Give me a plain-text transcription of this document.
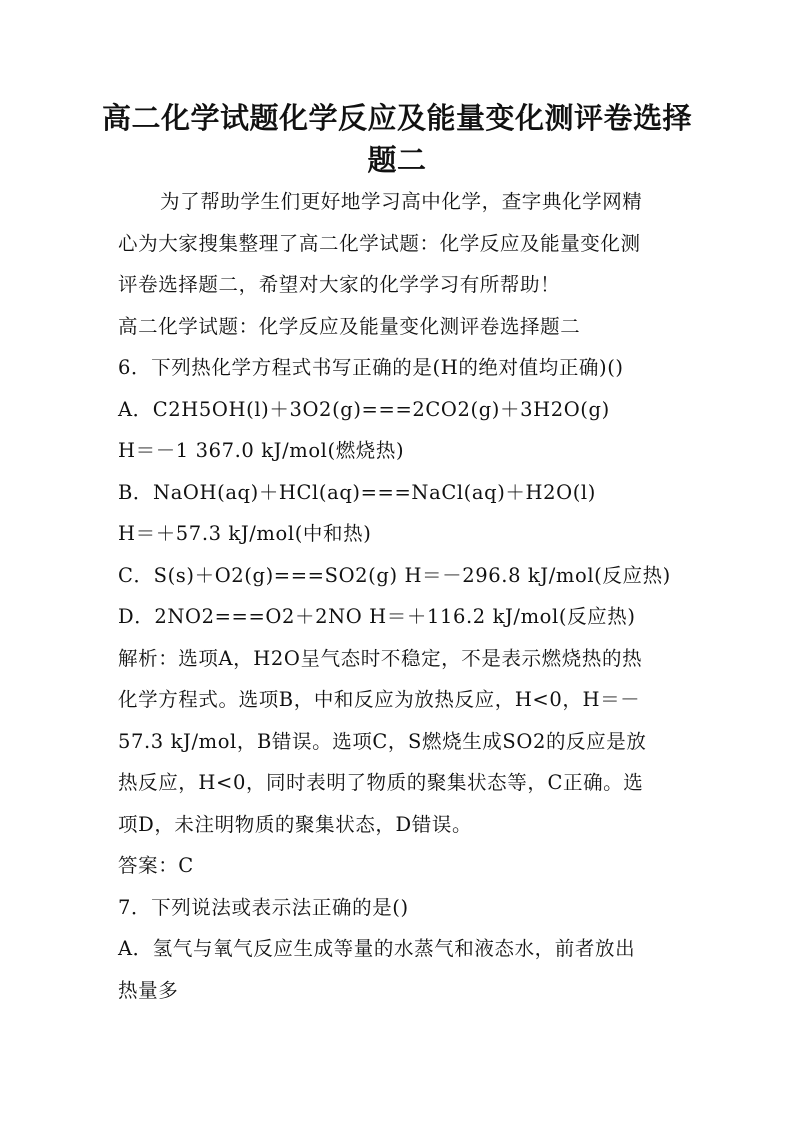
高二化学试题化学反应及能量变化测评卷选择
题二
为了帮助学生们更好地学习高中化学，查字典化学网精
心为大家搜集整理了高二化学试题：化学反应及能量变化测
评卷选择题二，希望对大家的化学学习有所帮助！
高二化学试题：化学反应及能量变化测评卷选择题二
6．下列热化学方程式书写正确的是(H的绝对值均正确)()
A．C2H5OH(l)＋3O2(g)===2CO2(g)＋3H2O(g)
H＝－1 367.0 kJ/mol(燃烧热)
B．NaOH(aq)＋HCl(aq)===NaCl(aq)＋H2O(l)
H＝＋57.3 kJ/mol(中和热)
C．S(s)＋O2(g)===SO2(g) H＝－296.8 kJ/mol(反应热)
D．2NO2===O2＋2NO H＝＋116.2 kJ/mol(反应热)
解析：选项A，H2O呈气态时不稳定，不是表示燃烧热的热
化学方程式。选项B，中和反应为放热反应，H<0，H＝－
57.3 kJ/mol，B错误。选项C，S燃烧生成SO2的反应是放
热反应，H<0，同时表明了物质的聚集状态等，C正确。选
项D，未注明物质的聚集状态，D错误。
答案：C
7．下列说法或表示法正确的是()
A．氢气与氧气反应生成等量的水蒸气和液态水，前者放出
热量多
